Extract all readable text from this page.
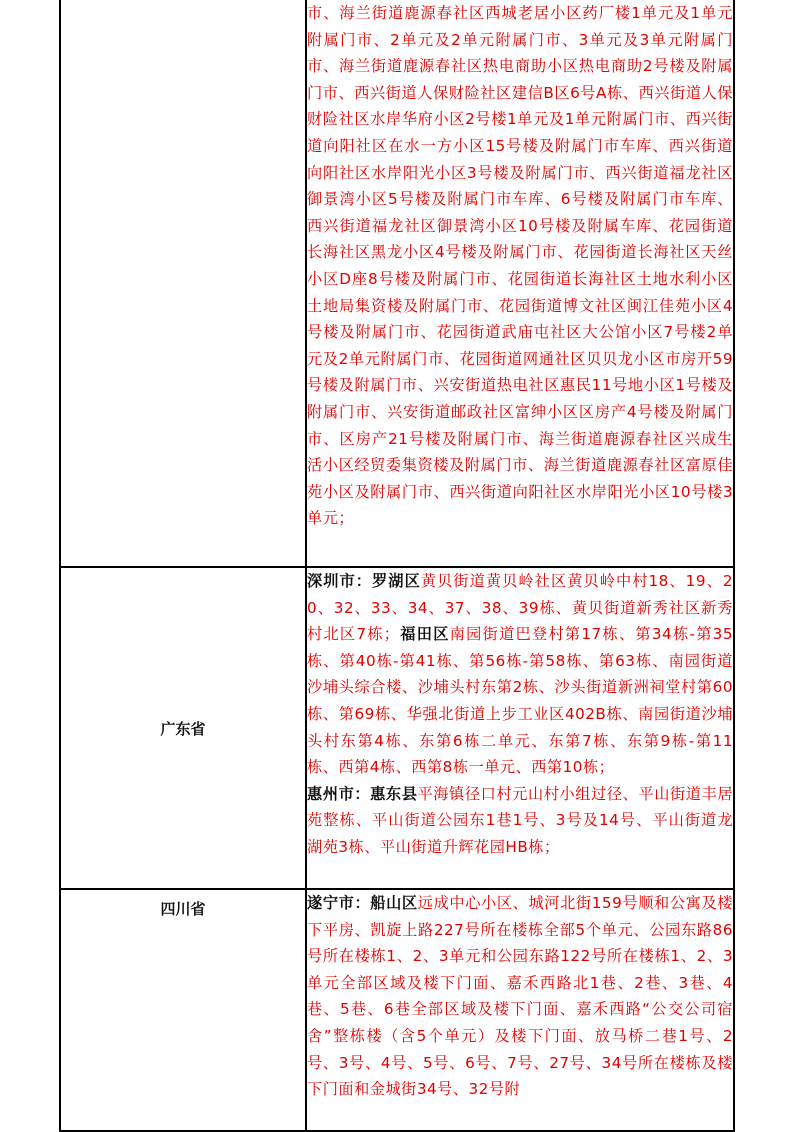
	市、海兰街道鹿源春社区西城老居小区药厂楼1单元及1单元附属门市、2单元及2单元附属门市、3单元及3单元附属门市、海兰街道鹿源春社区热电商助小区热电商助2号楼及附属门市、西兴街道人保财险社区建信B区6号A栋、西兴街道人保财险社区水岸华府小区2号楼1单元及1单元附属门市、西兴街道向阳社区在水一方小区15号楼及附属门市车库、西兴街道向阳社区水岸阳光小区3号楼及附属门市、西兴街道福龙社区御景湾小区5号楼及附属门市车库、6号楼及附属门市车库、西兴街道福龙社区御景湾小区10号楼及附属车库、花园街道长海社区黑龙小区4号楼及附属门市、花园街道长海社区天丝小区D座8号楼及附属门市、花园街道长海社区土地水利小区土地局集资楼及附属门市、花园街道博文社区闽江佳苑小区4号楼及附属门市、花园街道武庙屯社区大公馆小区7号楼2单元及2单元附属门市、花园街道网通社区贝贝龙小区市房开59号楼及附属门市、兴安街道热电社区惠民11号地小区1号楼及附属门市、兴安街道邮政社区富绅小区区房产4号楼及附属门市、区房产21号楼及附属门市、海兰街道鹿源春社区兴成生活小区经贸委集资楼及附属门市、海兰街道鹿源春社区富原佳苑小区及附属门市、西兴街道向阳社区水岸阳光小区10号楼3单元；

广东省	深圳市：罗湖区黄贝街道黄贝岭社区黄贝岭中村18、19、20、32、33、34、37、38、39栋、黄贝街道新秀社区新秀村北区7栋；福田区南园街道巴登村第17栋、第34栋-第35栋、第40栋-第41栋、第56栋-第58栋、第63栋、南园街道沙埔头综合楼、沙埔头村东第2栋、沙头街道新洲祠堂村第60栋、第69栋、华强北街道上步工业区402B栋、南园街道沙埔头村东第4栋、东第6栋二单元、东第7栋、东第9栋-第11栋、西第4栋、西第8栋一单元、西第10栋；

惠州市：惠东县平海镇径口村元山村小组过径、平山街道丰居苑整栋、平山街道公园东1巷1号、3号及14号、平山街道龙湖苑3栋、平山街道升辉花园HB栋；

四川省	遂宁市：船山区远成中心小区、城河北街159号顺和公寓及楼下平房、凯旋上路227号所在楼栋全部5个单元、公园东路86号所在楼栋1、2、3单元和公园东路122号所在楼栋1、2、3单元全部区域及楼下门面、嘉禾西路北1巷、2巷、3巷、4巷、5巷、6巷全部区域及楼下门面、嘉禾西路“公交公司宿舍”整栋楼（含5个单元）及楼下门面、放马桥二巷1号、2号、3号、4号、5号、6号、7号、27号、34号所在楼栋及楼下门面和金城街34号、32号附
